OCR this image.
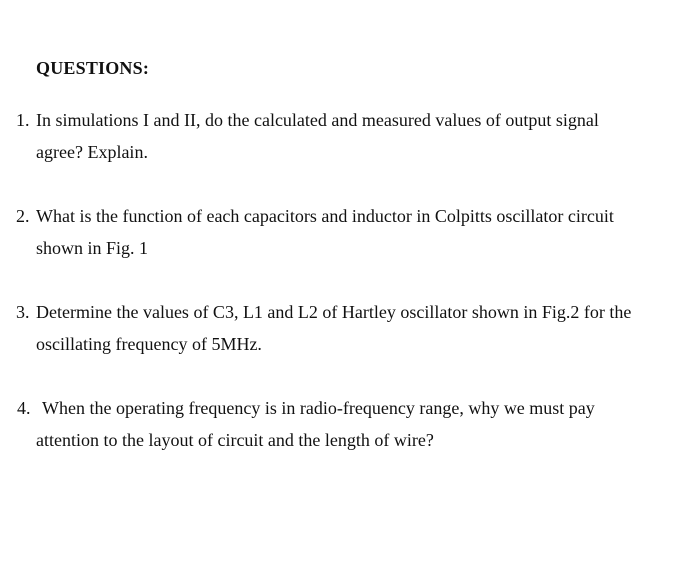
QUESTIONS:
1. In simulations I and II, do the calculated and measured values of output signal
agree? Explain.
2. What is the function of each capacitors and inductor in Colpitts oscillator circuit
shown in Fig. 1
3. Determine the values of C3, L1 and L2 of Hartley oscillator shown in Fig.2 for the
oscillating frequency of 5MHz.
4. When the operating frequency is in radio-frequency range, why we must pay
attention to the layout of circuit and the length of wire?
